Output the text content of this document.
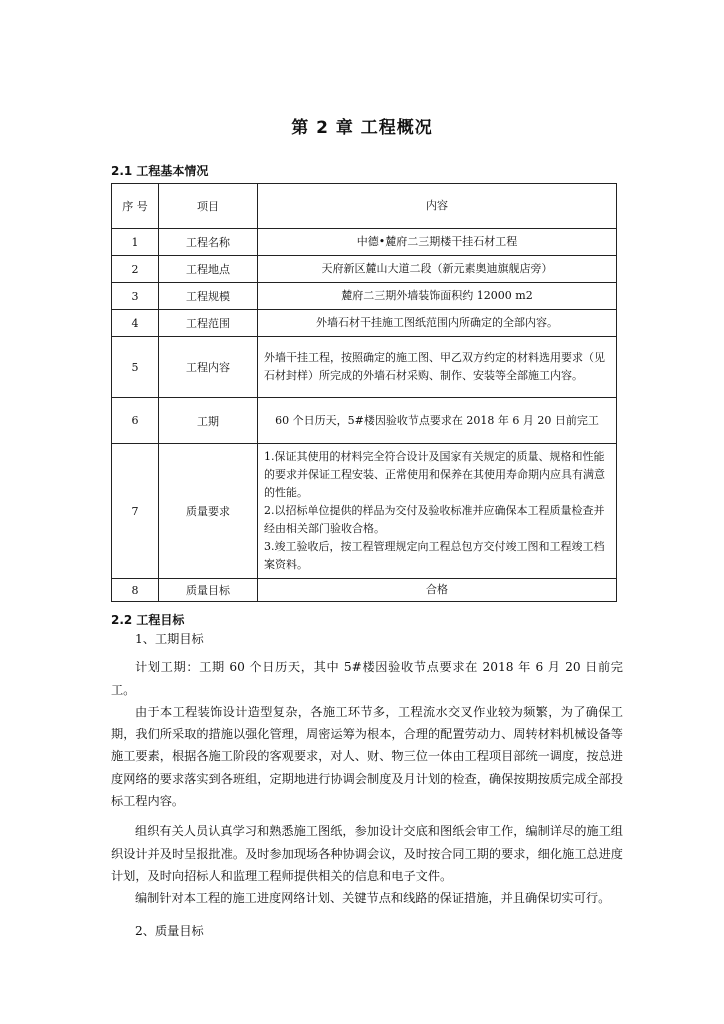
第 2 章 工程概况
2.1 工程基本情况
序 号	项目	内容
1	工程名称	中德•麓府二三期楼干挂石材工程
2	工程地点	天府新区麓山大道二段（新元素奥迪旗舰店旁）
3	工程规模	麓府二三期外墙装饰面积约 12000 m2
4	工程范围	外墙石材干挂施工图纸范围内所确定的全部内容。
5	工程内容	外墙干挂工程，按照确定的施工图、甲乙双方约定的材料选用要求（见石材封样）所完成的外墙石材采购、制作、安装等全部施工内容。
6	工期	60 个日历天，5#楼因验收节点要求在 2018 年 6 月 20 日前完工
7	质量要求	1.保证其使用的材料完全符合设计及国家有关规定的质量、规格和性能的要求并保证工程安装、正常使用和保养在其使用寿命期内应具有满意的性能。
2.以招标单位提供的样品为交付及验收标准并应确保本工程质量检查并经由相关部门验收合格。
3.竣工验收后，按工程管理规定向工程总包方交付竣工图和工程竣工档案资料。

8	质量目标	合格
2.2 工程目标

1、工期目标

计划工期：工期 60 个日历天，其中 5#楼因验收节点要求在 2018 年 6 月 20 日前完工。

由于本工程装饰设计造型复杂，各施工环节多，工程流水交叉作业较为频繁，为了确保工期，我们所采取的措施以强化管理，周密运筹为根本，合理的配置劳动力、周转材料机械设备等施工要素，根据各施工阶段的客观要求，对人、财、物三位一体由工程项目部统一调度，按总进度网络的要求落实到各班组，定期地进行协调会制度及月计划的检查，确保按期按质完成全部投标工程内容。

组织有关人员认真学习和熟悉施工图纸，参加设计交底和图纸会审工作，编制详尽的施工组织设计并及时呈报批准。及时参加现场各种协调会议，及时按合同工期的要求，细化施工总进度计划，及时向招标人和监理工程师提供相关的信息和电子文件。

编制针对本工程的施工进度网络计划、关键节点和线路的保证措施，并且确保切实可行。

2、质量目标
